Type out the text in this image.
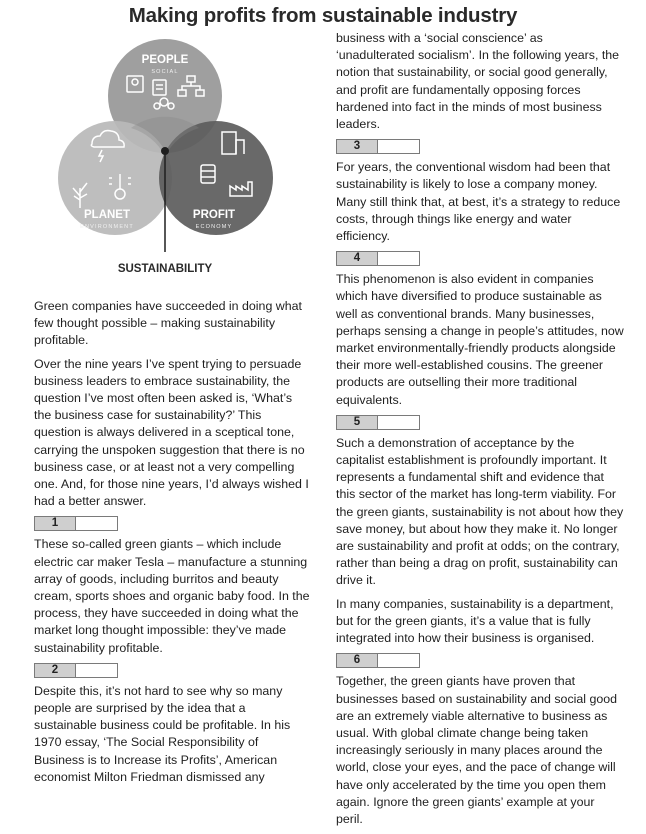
Making profits from sustainable industry
PEOPLE
SOCIAL
PLANET
ENVIRONMENT
PROFIT
ECONOMY
SUSTAINABILITY

Green companies have succeeded in doing what few thought possible – making sustainability profitable.

Over the nine years I’ve spent trying to persuade business leaders to embrace sustainability, the question I’ve most often been asked is, ‘What’s the business case for sustainability?’ This question is always delivered in a sceptical tone, carrying the unspoken suggestion that there is no business case, or at least not a very compelling one. And, for those nine years, I’d always wished I had a better answer.

1

These so-called green giants – which include electric car maker Tesla – manufacture a stunning array of goods, including burritos and beauty cream, sports shoes and organic baby food. In the process, they have succeeded in doing what the market long thought impossible: they’ve made sustainability profitable.

2

Despite this, it’s not hard to see why so many people are surprised by the idea that a sustainable business could be profitable. In his 1970 essay, ‘The Social Responsibility of Business is to Increase its Profits’, American economist Milton Friedman dismissed any

business with a ‘social conscience’ as ‘unadulterated socialism’. In the following years, the notion that sustainability, or social good generally, and profit are fundamentally opposing forces hardened into fact in the minds of most business leaders.

3

For years, the conventional wisdom had been that sustainability is likely to lose a company money. Many still think that, at best, it’s a strategy to reduce costs, through things like energy and water efficiency.

4

This phenomenon is also evident in companies which have diversified to produce sustainable as well as conventional brands. Many businesses, perhaps sensing a change in people’s attitudes, now market environmentally-friendly products alongside their more well-established cousins. The greener products are outselling their more traditional equivalents.

5

Such a demonstration of acceptance by the capitalist establishment is profoundly important. It represents a fundamental shift and evidence that this sector of the market has long-term viability. For the green giants, sustainability is not about how they save money, but about how they make it. No longer are sustainability and profit at odds; on the contrary, rather than being a drag on profit, sustainability can drive it.

In many companies, sustainability is a department, but for the green giants, it’s a value that is fully integrated into how their business is organised.

6

Together, the green giants have proven that businesses based on sustainability and social good are an extremely viable alternative to business as usual. With global climate change being taken increasingly seriously in many places around the world, close your eyes, and the pace of change will have only accelerated by the time you open them again. Ignore the green giants’ example at your peril.
